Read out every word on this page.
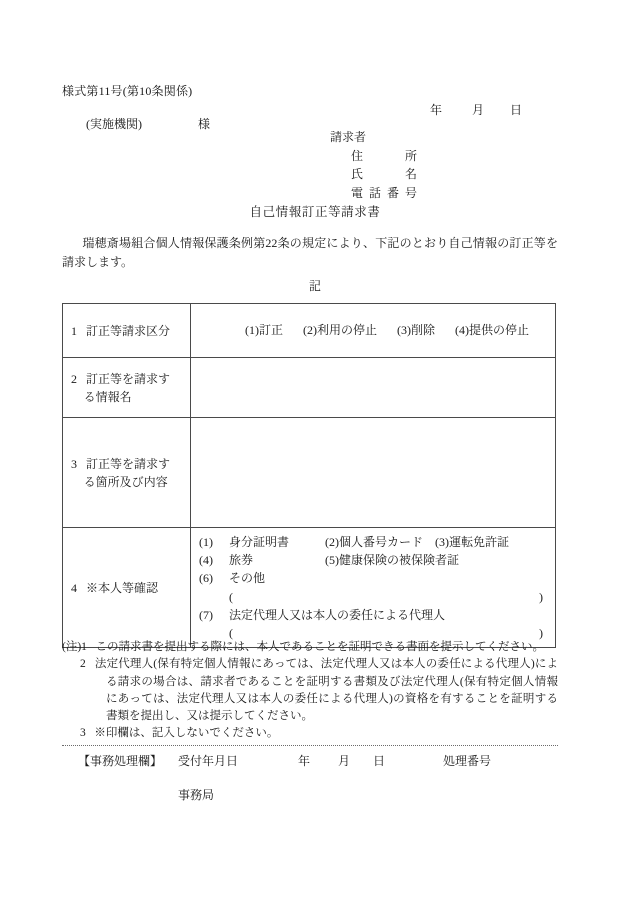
様式第11号(第10条関係)
年 月 日
(実施機関)	様
請求者
住所
氏名
電話番号
自己情報訂正等請求書
瑞穂斎場組合個人情報保護条例第22条の規定により、下記のとおり自己情報の訂正等を請求します。
記
1 訂正等請求区分	(1)訂正 (2)利用の停止 (3)削除 (4)提供の停止

2 訂正等を請求す
る情報名	

3 訂正等を請求す
る箇所及び内容	

4 ※本人等確認

(1) 身分証明書	(2)個人番号カード (3)運転免許証
(4) 旅券	(5)健康保険の被保険者証
(6) その他
)
(
(7) 法定代理人又は本人の委任による代理人
)
(
(注)1 この請求書を提出する際には、本人であることを証明できる書面を提示してください。
2 法定代理人(保有特定個人情報にあっては、法定代理人又は本人の委任による代理人)による請求の場合は、請求者であることを証明する書類及び法定代理人(保有特定個人情報にあっては、法定代理人又は本人の委任による代理人)の資格を有することを証明する書類を提出し、又は提示してください。
3 ※印欄は、記入しないでください。
【事務処理欄】 受付年月日	年 月 日	処理番号
事務局
